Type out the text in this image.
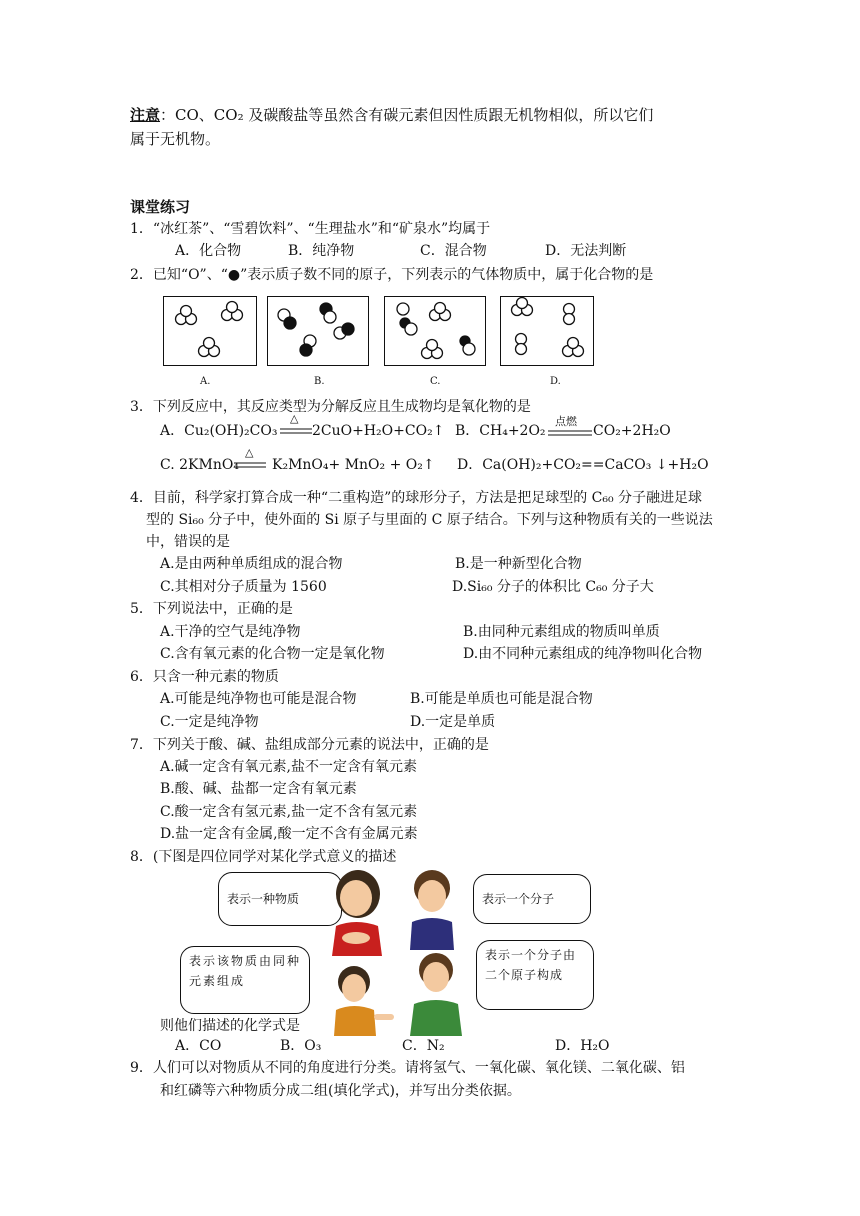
注意：CO、CO₂ 及碳酸盐等虽然含有碳元素但因性质跟无机物相似，所以它们
属于无机物。
课堂练习
1．“冰红茶”、“雪碧饮料”、“生理盐水”和“矿泉水”均属于
A．化合物	B．纯净物	C．混合物	D．无法判断
2．已知“O”、“●”表示质子数不同的原子，下列表示的气体物质中，属于化合物的是
A.	B.	C.	D.
3．下列反应中，其反应类型为分解反应且生成物均是氧化物的是
A．Cu₂(OH)₂CO₃
△
2CuO+H₂O+CO₂↑ B．CH₄+2O₂
点燃
CO₂+2H₂O
C. 2KMnO₄
△
K₂MnO₄+ MnO₂ + O₂↑ D．Ca(OH)₂+CO₂==CaCO₃ ↓+H₂O
4．目前，科学家打算合成一种“二重构造”的球形分子，方法是把足球型的 C₆₀ 分子融进足球
型的 Si₆₀ 分子中，使外面的 Si 原子与里面的 C 原子结合。下列与这种物质有关的一些说法
中，错误的是
A.是由两种单质组成的混合物	B.是一种新型化合物
C.其相对分子质量为 1560	D.Si₆₀ 分子的体积比 C₆₀ 分子大
5．下列说法中，正确的是
A.干净的空气是纯净物	B.由同种元素组成的物质叫单质
C.含有氧元素的化合物一定是氧化物	D.由不同种元素组成的纯净物叫化合物
6．只含一种元素的物质
A.可能是纯净物也可能是混合物	B.可能是单质也可能是混合物
C.一定是纯净物	D.一定是单质
7．下列关于酸、碱、盐组成部分元素的说法中，正确的是
A.碱一定含有氧元素,盐不一定含有氧元素
B.酸、碱、盐都一定含有氧元素
C.酸一定含有氢元素,盐一定不含有氢元素
D.盐一定含有金属,酸一定不含有金属元素
8．(下图是四位同学对某化学式意义的描述
表示一种物质	表示一个分子
表示该物质由同种元素组成
表示一个分子由二个原子构成
则他们描述的化学式是
A．CO	B．O₃	C．N₂	D．H₂O
9．人们可以对物质从不同的角度进行分类。请将氢气、一氧化碳、氧化镁、二氧化碳、铝
和红磷等六种物质分成二组(填化学式)，并写出分类依据。
